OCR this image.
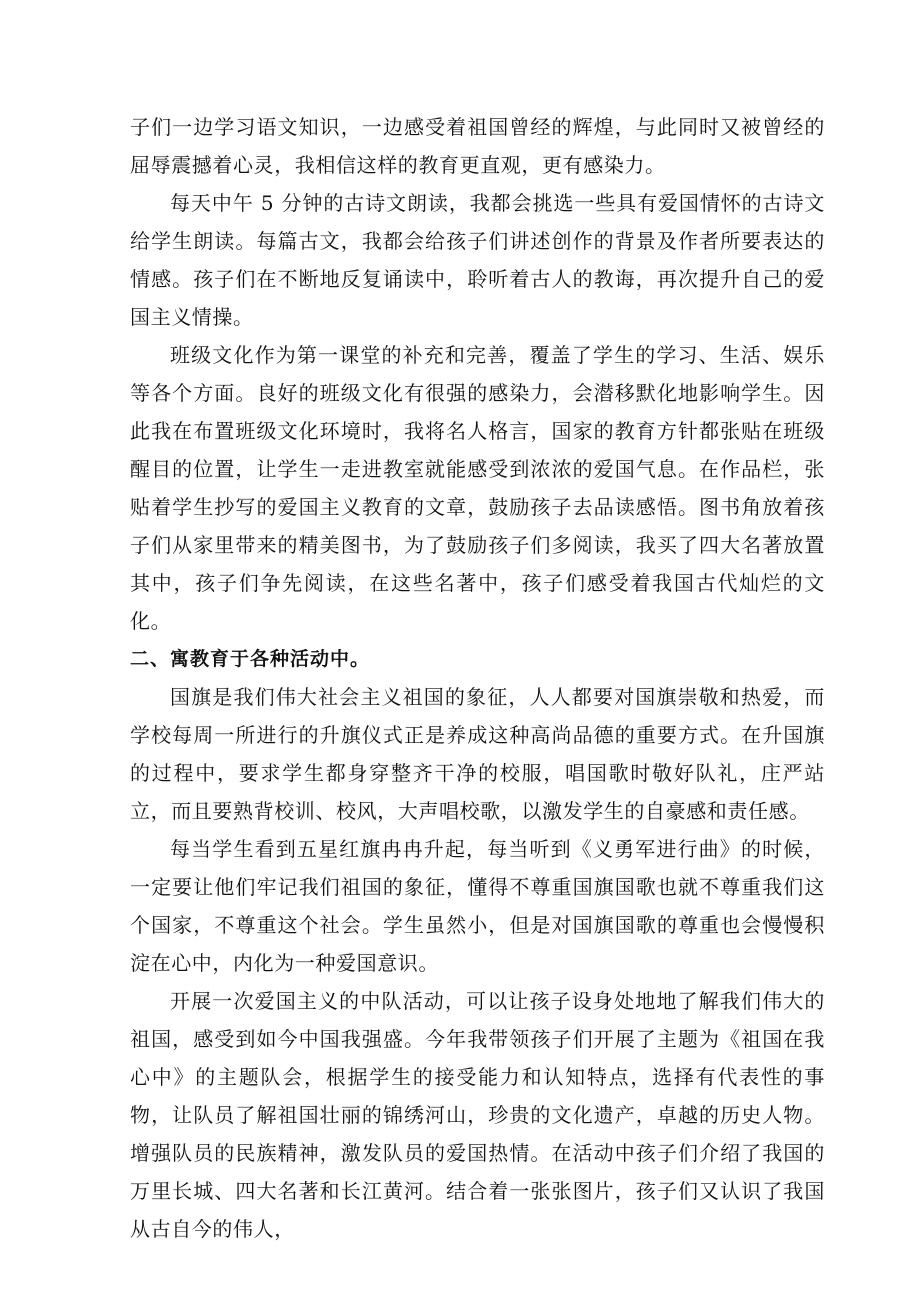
子们一边学习语文知识，一边感受着祖国曾经的辉煌，与此同时又被曾经的屈辱震撼着心灵，我相信这样的教育更直观，更有感染力。

每天中午 5 分钟的古诗文朗读，我都会挑选一些具有爱国情怀的古诗文给学生朗读。每篇古文，我都会给孩子们讲述创作的背景及作者所要表达的情感。孩子们在不断地反复诵读中，聆听着古人的教诲，再次提升自己的爱国主义情操。

班级文化作为第一课堂的补充和完善，覆盖了学生的学习、生活、娱乐等各个方面。良好的班级文化有很强的感染力，会潜移默化地影响学生。因此我在布置班级文化环境时，我将名人格言，国家的教育方针都张贴在班级醒目的位置，让学生一走进教室就能感受到浓浓的爱国气息。在作品栏，张贴着学生抄写的爱国主义教育的文章，鼓励孩子去品读感悟。图书角放着孩子们从家里带来的精美图书，为了鼓励孩子们多阅读，我买了四大名著放置其中，孩子们争先阅读，在这些名著中，孩子们感受着我国古代灿烂的文化。

二、寓教育于各种活动中。

国旗是我们伟大社会主义祖国的象征，人人都要对国旗崇敬和热爱，而学校每周一所进行的升旗仪式正是养成这种高尚品德的重要方式。在升国旗的过程中，要求学生都身穿整齐干净的校服，唱国歌时敬好队礼，庄严站立，而且要熟背校训、校风，大声唱校歌，以激发学生的自豪感和责任感。

每当学生看到五星红旗冉冉升起，每当听到《义勇军进行曲》的时候，一定要让他们牢记我们祖国的象征，懂得不尊重国旗国歌也就不尊重我们这个国家，不尊重这个社会。学生虽然小，但是对国旗国歌的尊重也会慢慢积淀在心中，内化为一种爱国意识。

开展一次爱国主义的中队活动，可以让孩子设身处地地了解我们伟大的祖国，感受到如今中国我强盛。今年我带领孩子们开展了主题为《祖国在我心中》的主题队会，根据学生的接受能力和认知特点，选择有代表性的事物，让队员了解祖国壮丽的锦绣河山，珍贵的文化遗产，卓越的历史人物。增强队员的民族精神，激发队员的爱国热情。在活动中孩子们介绍了我国的万里长城、四大名著和长江黄河。结合着一张张图片，孩子们又认识了我国从古自今的伟人，
